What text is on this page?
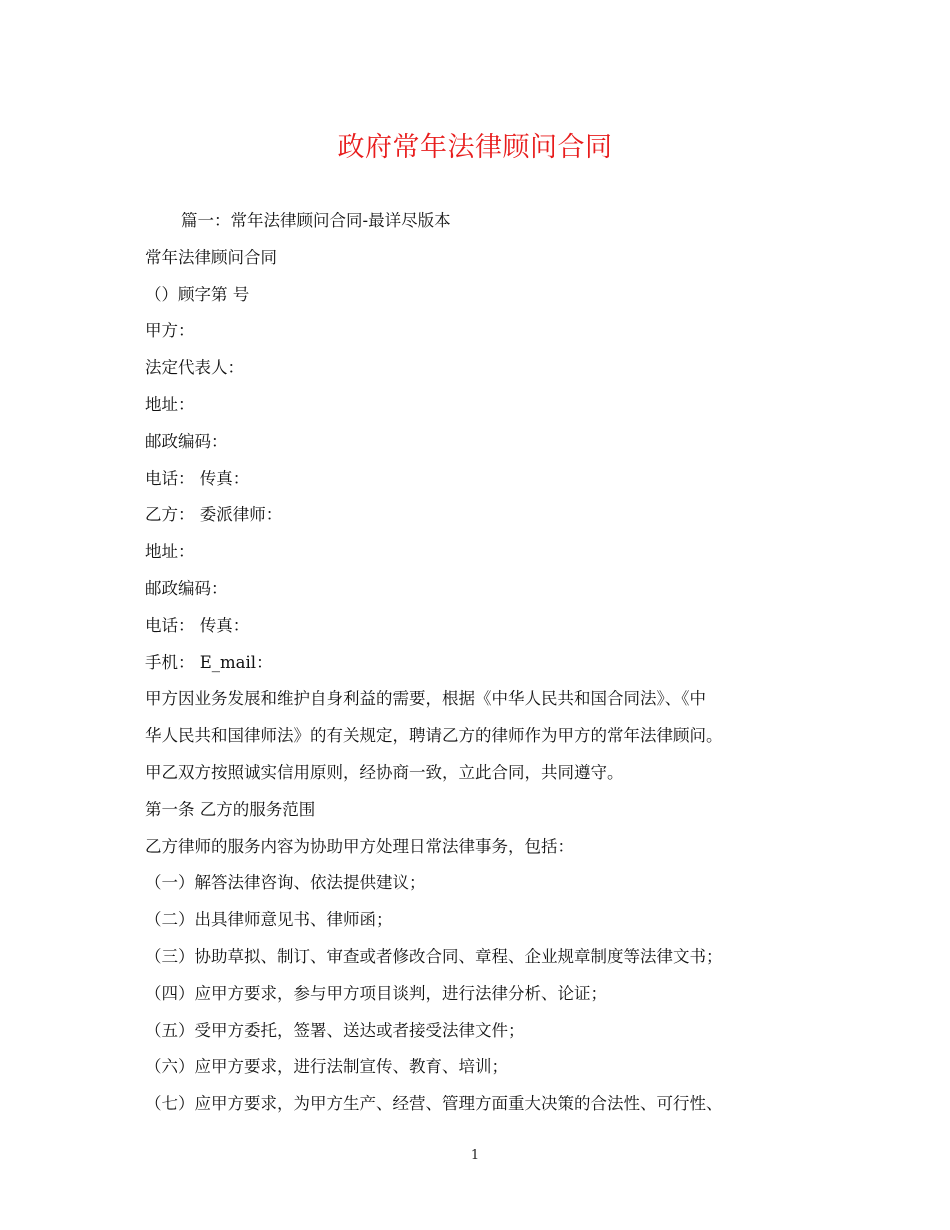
政府常年法律顾问合同
篇一：常年法律顾问合同-最详尽版本
常年法律顾问合同
（）顾字第 号
甲方：
法定代表人：
地址：
邮政编码：
电话： 传真：
乙方： 委派律师：
地址：
邮政编码：
电话： 传真：
手机： E_mail：
甲方因业务发展和维护自身利益的需要，根据《中华人民共和国合同法》、《中
华人民共和国律师法》的有关规定，聘请乙方的律师作为甲方的常年法律顾问。
甲乙双方按照诚实信用原则，经协商一致，立此合同，共同遵守。
第一条 乙方的服务范围
乙方律师的服务内容为协助甲方处理日常法律事务，包括：
（一）解答法律咨询、依法提供建议；
（二）出具律师意见书、律师函；
（三）协助草拟、制订、审查或者修改合同、章程、企业规章制度等法律文书；
（四）应甲方要求，参与甲方项目谈判，进行法律分析、论证；
（五）受甲方委托，签署、送达或者接受法律文件；
（六）应甲方要求，进行法制宣传、教育、培训；
（七）应甲方要求，为甲方生产、经营、管理方面重大决策的合法性、可行性、
1
